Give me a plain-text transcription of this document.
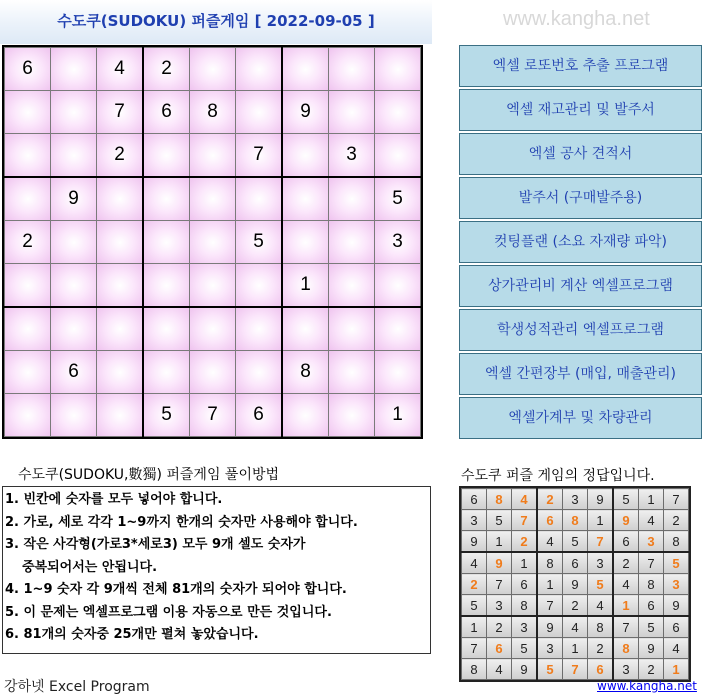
수도쿠(SUDOKU) 퍼즐게임 [ 2022-09-05 ]	www.kangha.net
6		4	2					
		7	6	8		9		
		2			7		3	
	9							5
2					5			3
						1		

	6					8		
			5	7	6			1
엑셀 로또번호 추출 프로그램
엑셀 재고관리 및 발주서
엑셀 공사 견적서
발주서 (구매발주용)
컷팅플랜 (소요 자재량 파악)
상가관리비 계산 엑셀프로그램
학생성적관리 엑셀프로그램
엑셀 간편장부 (매입, 매출관리)
엑셀가계부 및 차량관리
수도쿠(SUDOKU,數獨) 퍼즐게임 풀이방법
1. 빈칸에 숫자를 모두 넣어야 합니다.
2. 가로, 세로 각각 1~9까지 한개의 숫자만 사용해야 합니다.
3. 작은 사각형(가로3*세로3) 모두 9개 셀도 숫자가
중복되어서는 안됩니다.
4. 1~9 숫자 각 9개씩 전체 81개의 숫자가 되어야 합니다.
5. 이 문제는 엑셀프로그램 이용 자동으로 만든 것입니다.
6. 81개의 숫자중 25개만 펼쳐 놓았습니다.
수도쿠 퍼즐 게임의 정답입니다.
6	8	4	2	3	9	5	1	7
3	5	7	6	8	1	9	4	2
9	1	2	4	5	7	6	3	8
4	9	1	8	6	3	2	7	5
2	7	6	1	9	5	4	8	3
5	3	8	7	2	4	1	6	9
1	2	3	9	4	8	7	5	6
7	6	5	3	1	2	8	9	4
8	4	9	5	7	6	3	2	1
강하넷 Excel Program	www.kangha.net
